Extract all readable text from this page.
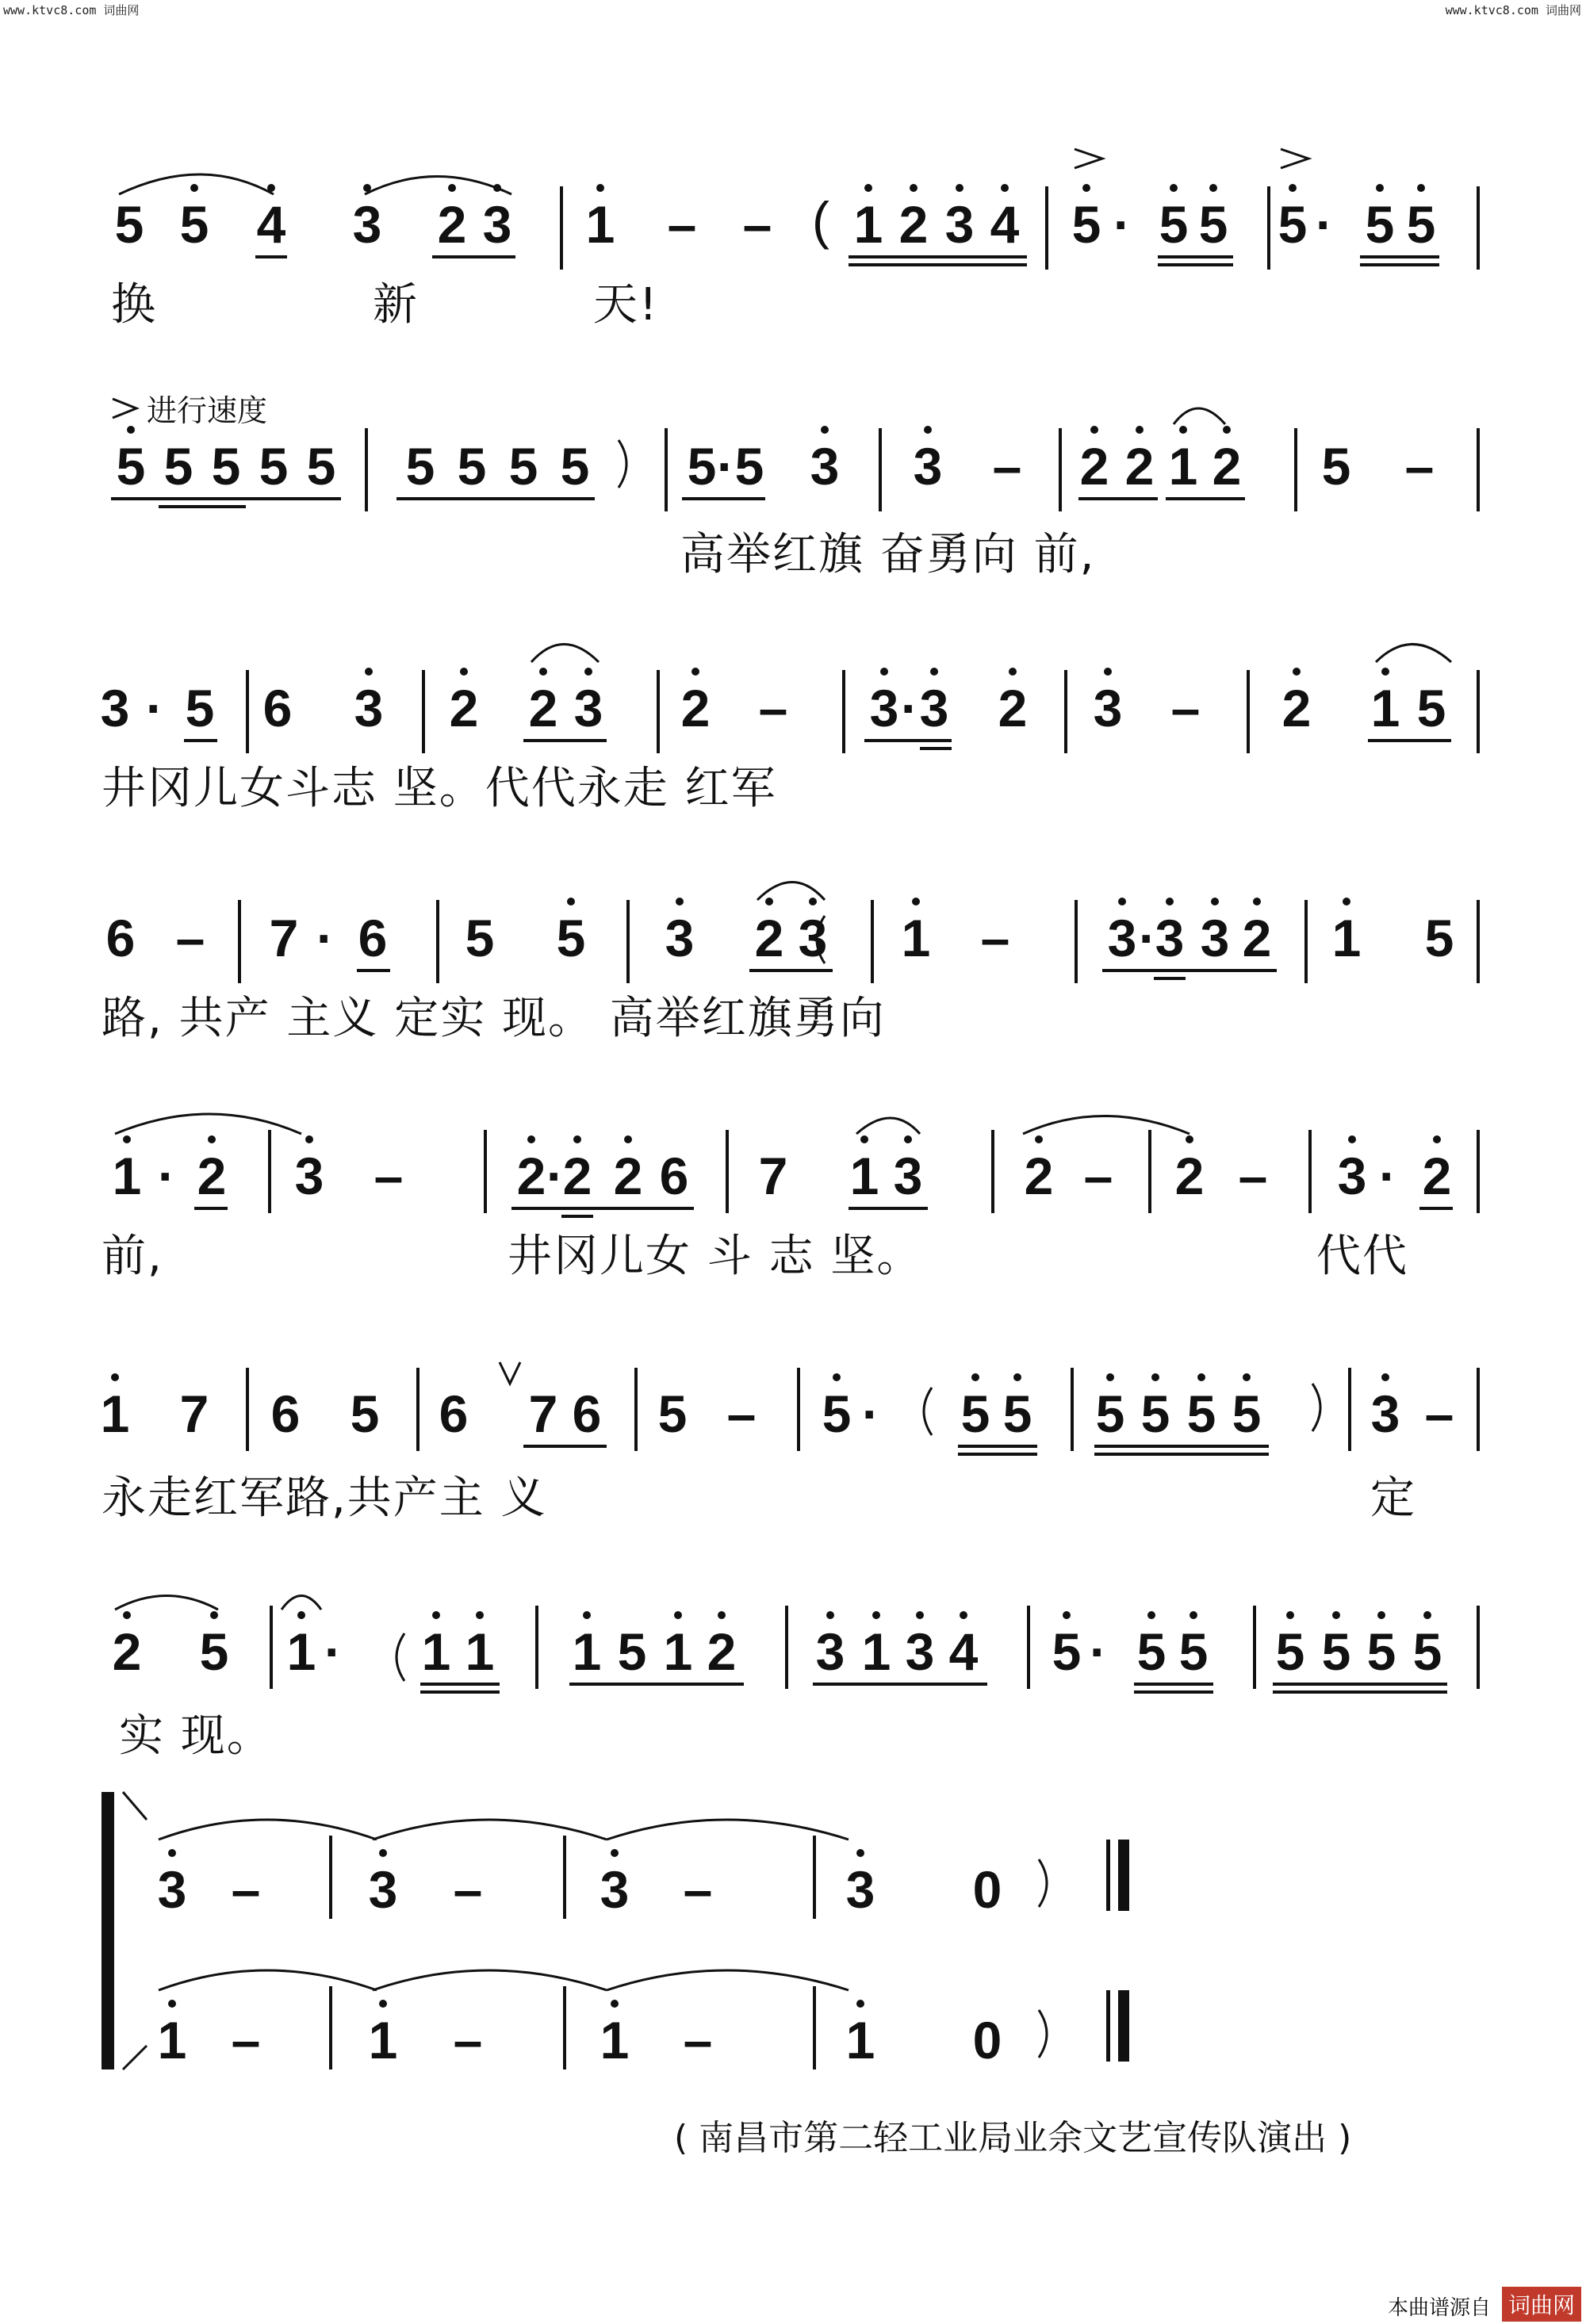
www.ktvc8.com 词曲网	www.ktvc8.com 词曲网
5 5 4 3 2 3 1 – – ( 1 2 3 4 5 · 5 5 5 · 5 5
换	新	天!
进行速度
5 5 5 5 5 5 5 5 5 5 · 5 3 3 – 2 2 1 2 5 –
高举红旗 奋勇向 前,
3 · 5 6 3 2 2 3 2 – 3 · 3 2 3 – 2 1 5
井冈儿女斗志 坚。代代永走 红军
6 – 7 · 6 5 5 3 2 3 1 – 3 ·
3 3 2 1 5
路, 共产 主义 定实 现。 高举红旗勇向
1 · 2 3 – 2 ·
2 2 6 7 1 3 2 – 2 – 3 · 2
前,	井冈儿女 斗 志 坚。	代代
1 7 6 5 6 7 6 5 – 5 · 5 5 5 5 5 5 3 –
永走红军路,共产主 义	定
2 5 1 · 1 1 1 5 1 2 3 1 3 4 5 · 5 5 5 5 5 5
实 现。
3 – 3 – 3 –	3 0
1 – 1 – 1 –	1 0
( 南昌市第二轻工业局业余文艺宣传队演出 )
本曲谱源自 词曲网
